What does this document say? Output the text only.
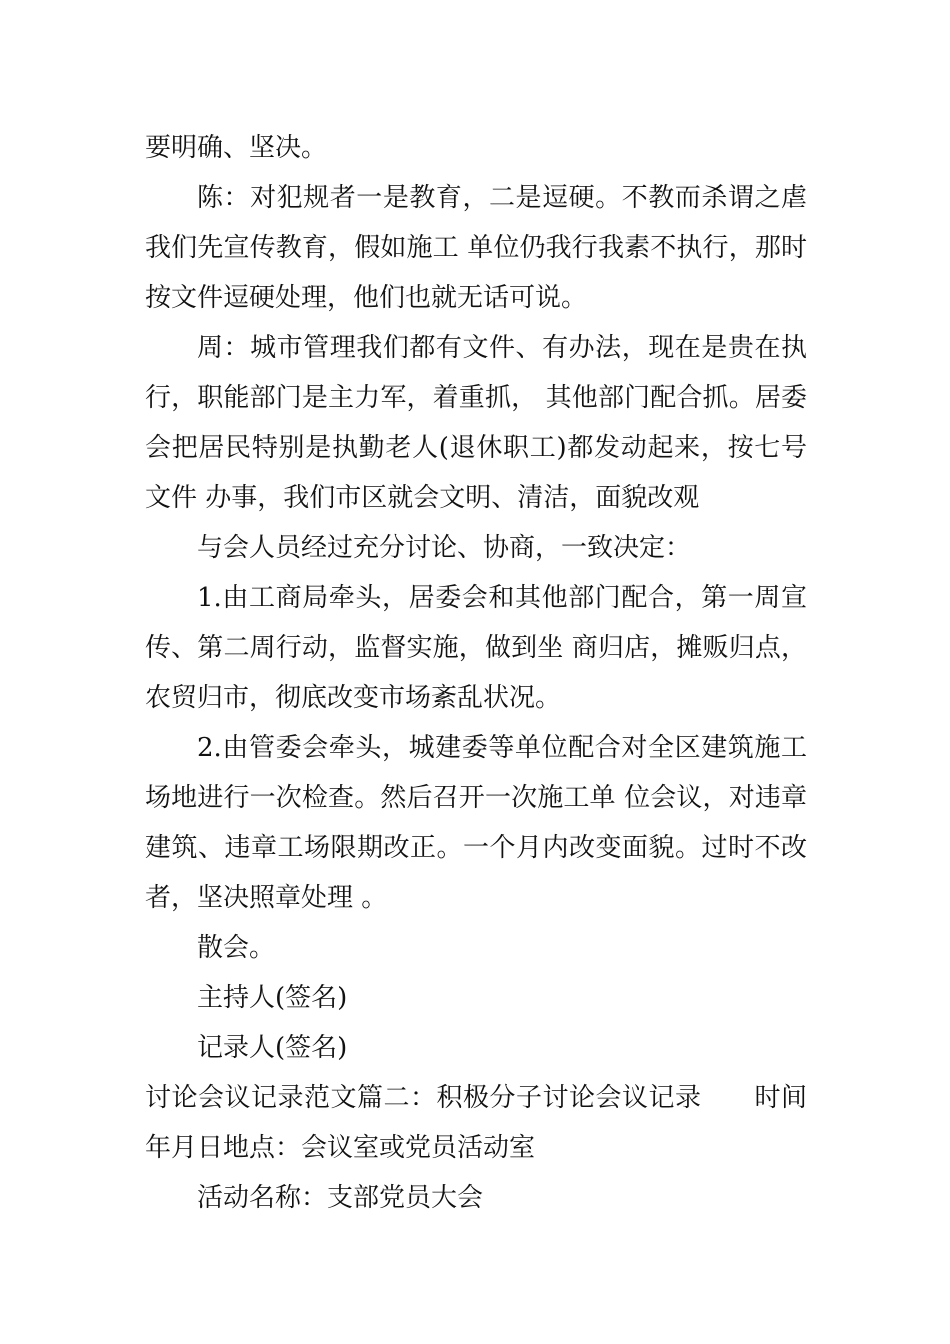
要明确、坚决。

陈：对犯规者一是教育，二是逗硬。不教而杀谓之虐我们先宣传教育，假如施工 单位仍我行我素不执行，那时按文件逗硬处理，他们也就无话可说。

周：城市管理我们都有文件、有办法，现在是贵在执行，职能部门是主力军，着重抓， 其他部门配合抓。居委会把居民特别是执勤老人(退休职工)都发动起来，按七号文件 办事，我们市区就会文明、清洁，面貌改观

与会人员经过充分讨论、协商，一致决定：

1.由工商局牵头，居委会和其他部门配合，第一周宣传、第二周行动，监督实施，做到坐 商归店，摊贩归点，农贸归市，彻底改变市场紊乱状况。

2.由管委会牵头，城建委等单位配合对全区建筑施工场地进行一次检查。然后召开一次施工单 位会议，对违章建筑、违章工场限期改正。一个月内改变面貌。过时不改者，坚决照章处理 。

散会。

主持人(签名)

记录人(签名)

讨论会议记录范文篇二：积极分子讨论会议记录　　时间年月日地点：会议室或党员活动室

活动名称：支部党员大会
